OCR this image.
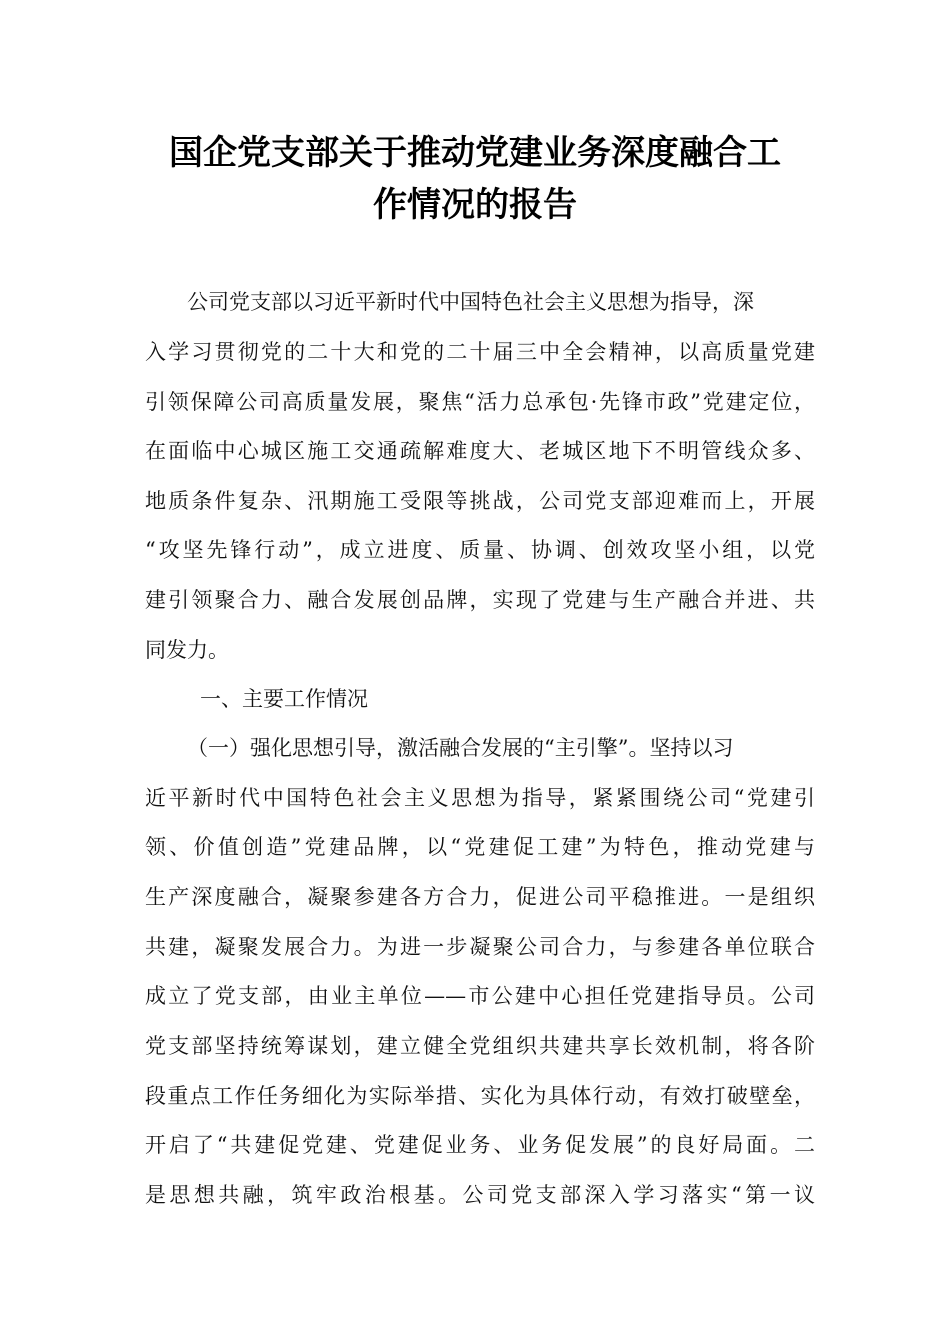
国企党支部关于推动党建业务深度融合工
作情况的报告
公司党支部以习近平新时代中国特色社会主义思想为指导，深
入学习贯彻党的二十大和党的二十届三中全会精神，以高质量党建
引领保障公司高质量发展，聚焦“活力总承包·先锋市政”党建定位，
在面临中心城区施工交通疏解难度大、老城区地下不明管线众多、
地质条件复杂、汛期施工受限等挑战，公司党支部迎难而上，开展
“攻坚先锋行动”，成立进度、质量、协调、创效攻坚小组，以党
建引领聚合力、融合发展创品牌，实现了党建与生产融合并进、共
同发力。
一、主要工作情况
（一）强化思想引导，激活融合发展的“主引擎”。坚持以习
近平新时代中国特色社会主义思想为指导，紧紧围绕公司“党建引
领、价值创造”党建品牌，以“党建促工建”为特色，推动党建与
生产深度融合，凝聚参建各方合力，促进公司平稳推进。一是组织
共建，凝聚发展合力。为进一步凝聚公司合力，与参建各单位联合
成立了党支部，由业主单位——市公建中心担任党建指导员。公司
党支部坚持统筹谋划，建立健全党组织共建共享长效机制，将各阶
段重点工作任务细化为实际举措、实化为具体行动，有效打破壁垒，
开启了“共建促党建、党建促业务、业务促发展”的良好局面。二
是思想共融，筑牢政治根基。公司党支部深入学习落实“第一议
